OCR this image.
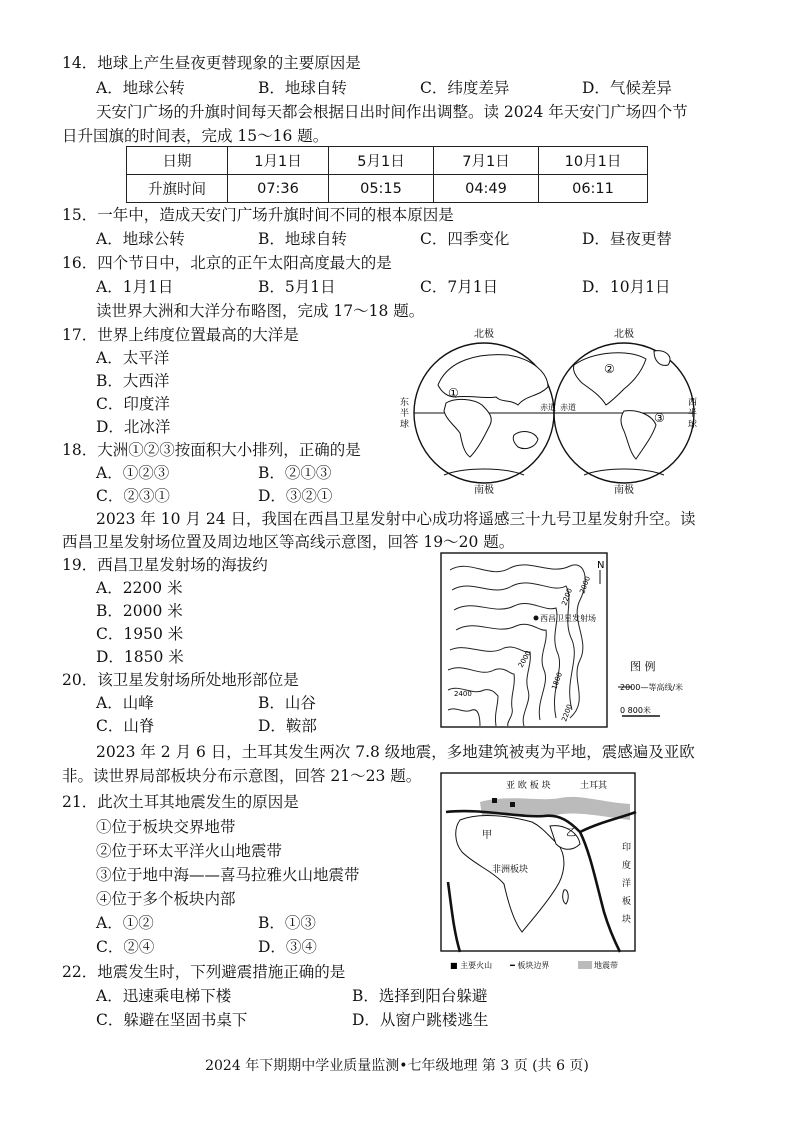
14．地球上产生昼夜更替现象的主要原因是
A．地球公转	B．地球自转	C．纬度差异	D．气候差异
天安门广场的升旗时间每天都会根据日出时间作出调整。读 2024 年天安门广场四个节
日升国旗的时间表，完成 15～16 题。
日期	1月1日	5月1日	7月1日	10月1日
升旗时间	07:36	05:15	04:49	06:11
15．一年中，造成天安门广场升旗时间不同的根本原因是
A．地球公转	B．地球自转	C．四季变化	D．昼夜更替
16．四个节日中，北京的正午太阳高度最大的是
A．1月1日	B．5月1日	C．7月1日	D．10月1日
读世界大洲和大洋分布略图，完成 17～18 题。
17．世界上纬度位置最高的大洋是
A．太平洋
B．大西洋
C．印度洋
D．北冰洋
18．大洲①②③按面积大小排列，正确的是
A．①②③	B．②①③
C．②③①	D．③②①
北极	北极
①
②
③
赤道 赤道
东半球
西半球
南极	南极
2023 年 10 月 24 日，我国在西昌卫星发射中心成功将遥感三十九号卫星发射升空。读
西昌卫星发射场位置及周边地区等高线示意图，回答 19～20 题。
19．西昌卫星发射场的海拔约
A．2200 米
B．2000 米
C．1950 米
D．1850 米
20．该卫星发射场所处地形部位是
A．山峰	B．山谷
C．山脊	D．鞍部
N
西昌卫星发射场
2200
2000
2000
2400
1800
2200
图 例
2000—等高线/米
0 800米
2023 年 2 月 6 日，土耳其发生两次 7.8 级地震，多地建筑被夷为平地，震感遍及亚欧
非。读世界局部板块分布示意图，回答 21～23 题。
21．此次土耳其地震发生的原因是
①位于板块交界地带
②位于环太平洋火山地震带
③位于地中海——喜马拉雅火山地震带
④位于多个板块内部
A．①②	B．①③
C．②④	D．③④
亚 欧 板 块	土耳其
甲	乙
非洲板块
印 度 洋 板 块
■ 主要火山 ━ 板块边界	地震带
22．地震发生时，下列避震措施正确的是
A．迅速乘电梯下楼	B．选择到阳台躲避
C．躲避在坚固书桌下	D．从窗户跳楼逃生
2024 年下期期中学业质量监测•七年级地理 第 3 页 (共 6 页)
